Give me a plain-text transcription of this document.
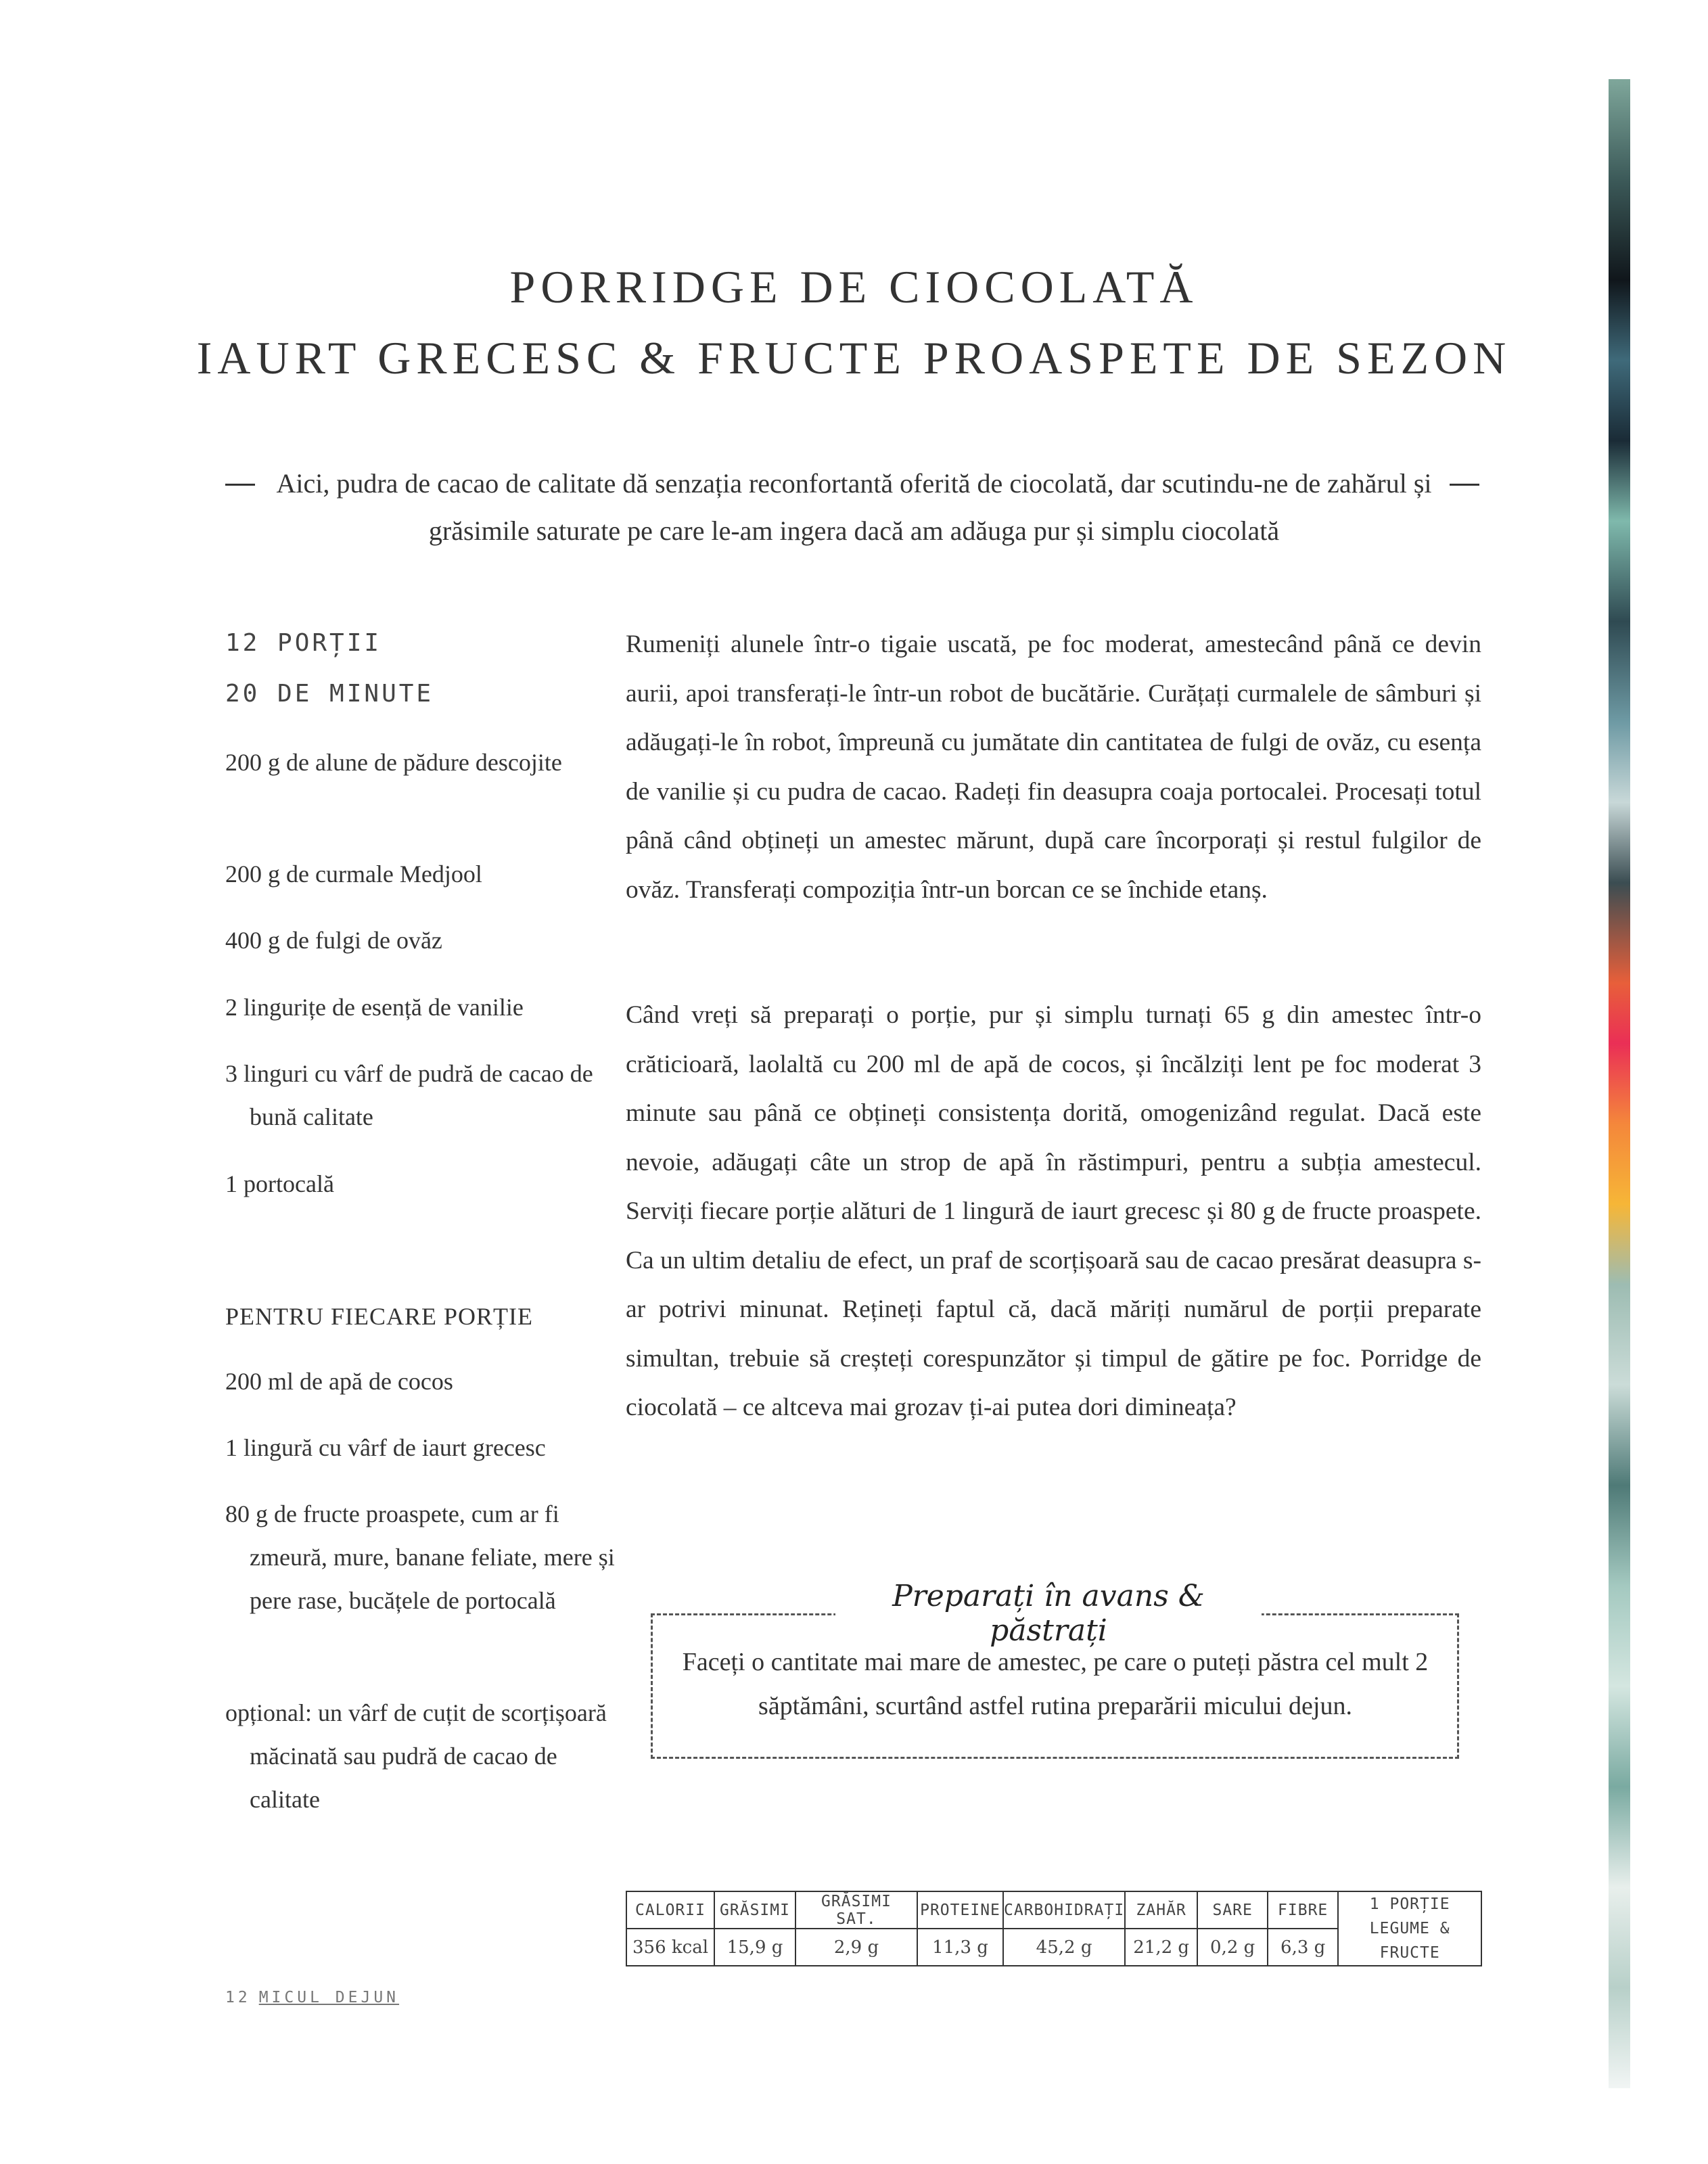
PORRIDGE DE CIOCOLATĂ
IAURT GRECESC & FRUCTE PROASPETE DE SEZON
Aici, pudra de cacao de calitate dă senzația reconfortantă oferită de ciocolată, dar scutindu-ne de zahărul și grăsimile saturate pe care le-am ingera dacă am adăuga pur și simplu ciocolată
12 PORȚII
20 DE MINUTE
200 g de alune de pădure descojite
200 g de curmale Medjool
400 g de fulgi de ovăz
2 lingurițe de esență de vanilie
3 linguri cu vârf de pudră de cacao de bună calitate
1 portocală
PENTRU FIECARE PORȚIE
200 ml de apă de cocos
1 lingură cu vârf de iaurt grecesc
80 g de fructe proaspete, cum ar fi zmeură, mure, banane feliate, mere și pere rase, bucățele de portocală
opțional: un vârf de cuțit de scorțișoară măcinată sau pudră de cacao de calitate
Rumeniți alunele într-o tigaie uscată, pe foc moderat, amestecând până ce devin aurii, apoi transferați-le într-un robot de bucătărie. Curățați curmalele de sâmburi și adăugați-le în robot, împreună cu jumătate din cantitatea de fulgi de ovăz, cu esența de vanilie și cu pudra de cacao. Radeți fin deasupra coaja portocalei. Procesați totul până când obțineți un amestec mărunt, după care încorporați și restul fulgilor de ovăz. Transferați compoziția într-un borcan ce se închide etanș.
Când vreți să preparați o porție, pur și simplu turnați 65 g din amestec într-o crăticioară, laolaltă cu 200 ml de apă de cocos, și încălziți lent pe foc moderat 3 minute sau până ce obțineți consistența dorită, omogenizând regulat. Dacă este nevoie, adăugați câte un strop de apă în răstimpuri, pentru a subția amestecul. Serviți fiecare porție alături de 1 lingură de iaurt grecesc și 80 g de fructe proaspete. Ca un ultim detaliu de efect, un praf de scorțișoară sau de cacao presărat deasupra s-ar potrivi minunat. Rețineți faptul că, dacă măriți numărul de porții preparate simultan, trebuie să creșteți corespunzător și timpul de gătire pe foc. Porridge de ciocolată – ce altceva mai grozav ți-ai putea dori dimineața?
Preparați în avans & păstrați
Faceți o cantitate mai mare de amestec, pe care o puteți păstra cel mult 2 săptămâni, scurtând astfel rutina preparării micului dejun.
CALORII	GRĂSIMI	GRĂSIMI SAT.	PROTEINE	CARBOHIDRAȚI	ZAHĂR	SARE	FIBRE	1 PORȚIE
LEGUME & FRUCTE

356 kcal	15,9 g	2,9 g	11,3 g	45,2 g	21,2 g	0,2 g	6,3 g	
12 MICUL DEJUN
